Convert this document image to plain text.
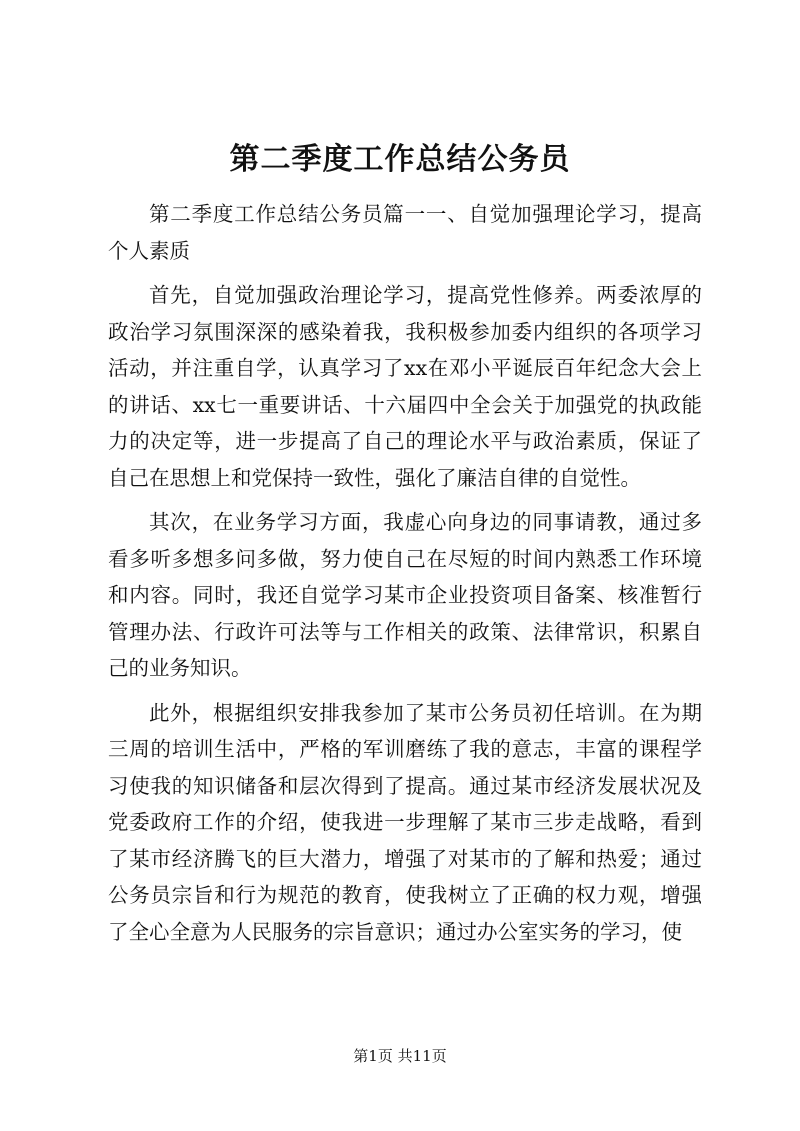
第二季度工作总结公务员

第二季度工作总结公务员篇一一、自觉加强理论学习，提高个人素质

首先，自觉加强政治理论学习，提高党性修养。两委浓厚的政治学习氛围深深的感染着我，我积极参加委内组织的各项学习活动，并注重自学，认真学习了xx在邓小平诞辰百年纪念大会上的讲话、xx七一重要讲话、十六届四中全会关于加强党的执政能力的决定等，进一步提高了自己的理论水平与政治素质，保证了自己在思想上和党保持一致性，强化了廉洁自律的自觉性。

其次，在业务学习方面，我虚心向身边的同事请教，通过多看多听多想多问多做，努力使自己在尽短的时间内熟悉工作环境和内容。同时，我还自觉学习某市企业投资项目备案、核准暂行管理办法、行政许可法等与工作相关的政策、法律常识，积累自己的业务知识。

此外，根据组织安排我参加了某市公务员初任培训。在为期三周的培训生活中，严格的军训磨练了我的意志，丰富的课程学习使我的知识储备和层次得到了提高。通过某市经济发展状况及党委政府工作的介绍，使我进一步理解了某市三步走战略，看到了某市经济腾飞的巨大潜力，增强了对某市的了解和热爱；通过公务员宗旨和行为规范的教育，使我树立了正确的权力观，增强了全心全意为人民服务的宗旨意识；通过办公室实务的学习，使

第1页 共11页
